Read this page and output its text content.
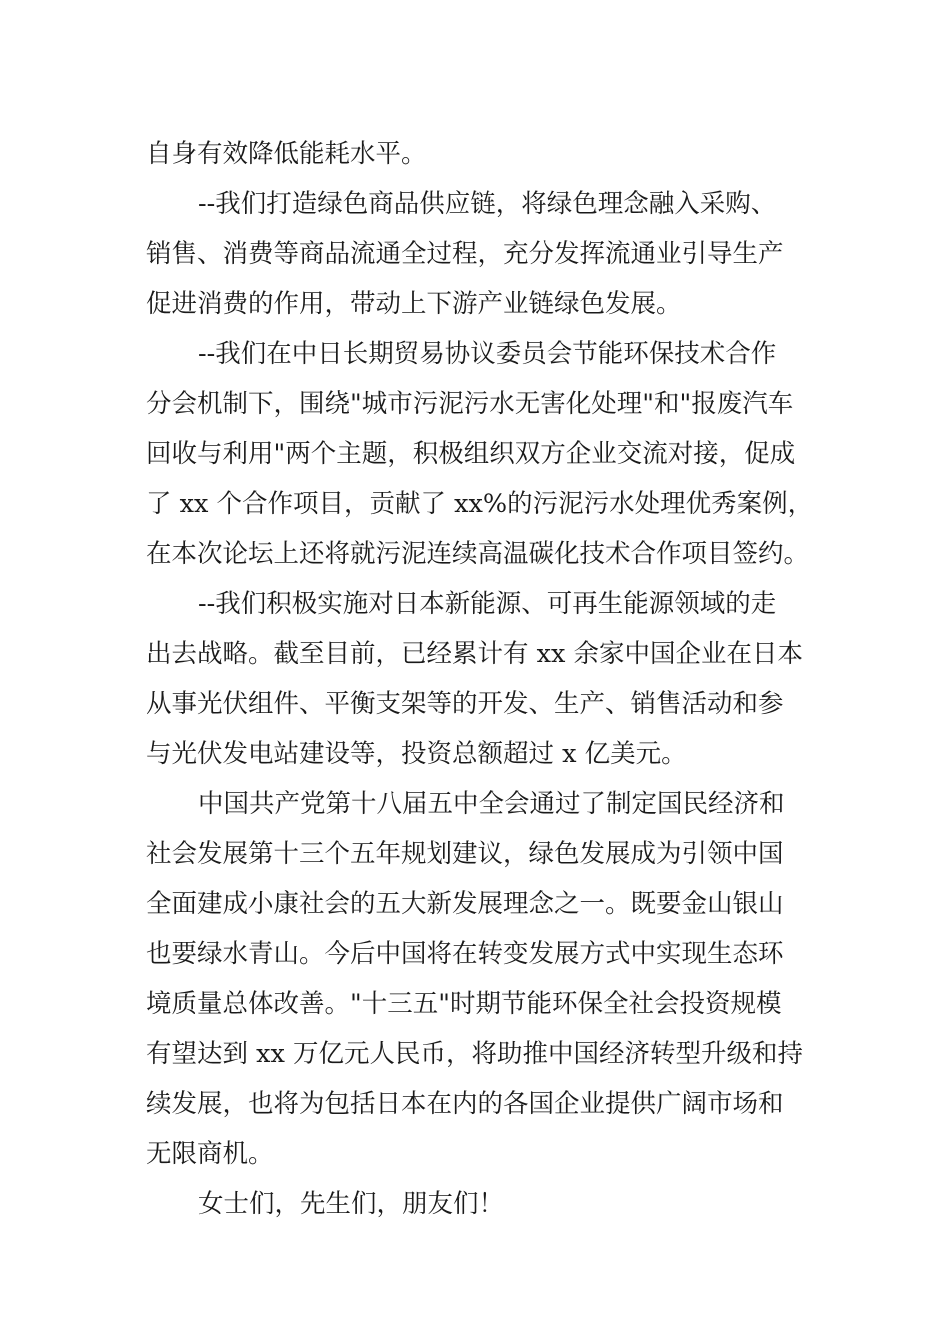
自身有效降低能耗水平。
--我们打造绿色商品供应链，将绿色理念融入采购、
销售、消费等商品流通全过程，充分发挥流通业引导生产
促进消费的作用，带动上下游产业链绿色发展。
--我们在中日长期贸易协议委员会节能环保技术合作
分会机制下，围绕"城市污泥污水无害化处理"和"报废汽车
回收与利用"两个主题，积极组织双方企业交流对接，促成
了 xx 个合作项目，贡献了 xx%的污泥污水处理优秀案例，
在本次论坛上还将就污泥连续高温碳化技术合作项目签约。
--我们积极实施对日本新能源、可再生能源领域的走
出去战略。截至目前，已经累计有 xx 余家中国企业在日本
从事光伏组件、平衡支架等的开发、生产、销售活动和参
与光伏发电站建设等，投资总额超过 x 亿美元。
中国共产党第十八届五中全会通过了制定国民经济和
社会发展第十三个五年规划建议，绿色发展成为引领中国
全面建成小康社会的五大新发展理念之一。既要金山银山
也要绿水青山。今后中国将在转变发展方式中实现生态环
境质量总体改善。"十三五"时期节能环保全社会投资规模
有望达到 xx 万亿元人民币，将助推中国经济转型升级和持
续发展，也将为包括日本在内的各国企业提供广阔市场和
无限商机。
女士们，先生们，朋友们！
